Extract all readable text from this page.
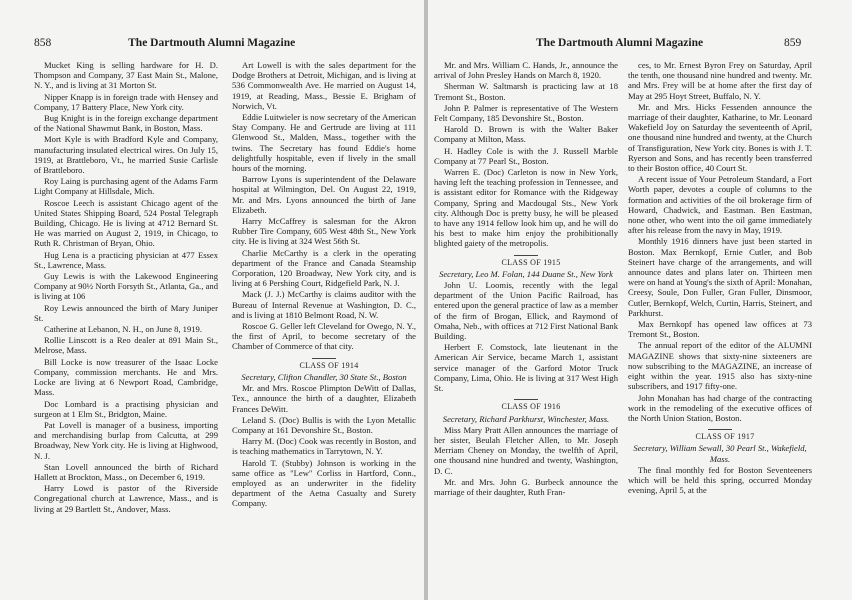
858	The Dartmouth Alumni Magazine

Mucket King is selling hardware for H. D. Thompson and Company, 37 East Main St., Malone, N. Y., and is living at 31 Morton St.

Nipper Knapp is in foreign trade with Hensey and Company, 17 Battery Place, New York city.

Bug Knight is in the foreign exchange department of the National Shawmut Bank, in Boston, Mass.

Mort Kyle is with Bradford Kyle and Company, manufacturing insulated electrical wires. On July 15, 1919, at Brattleboro, Vt., he married Susie Carlisle of Brattleboro.

Roy Laing is purchasing agent of the Adams Farm Light Company at Hillsdale, Mich.

Roscoe Leech is assistant Chicago agent of the United States Shipping Board, 524 Postal Telegraph Building, Chicago. He is living at 4712 Bernard St. He was married on August 2, 1919, in Chicago, to Ruth R. Christman of Bryan, Ohio.

Hug Lena is a practicing physician at 477 Essex St., Lawrence, Mass.

Guy Lewis is with the Lakewood Engineering Company at 90½ North Forsyth St., Atlanta, Ga., and is living at 106

Roy Lewis announced the birth of Mary Juniper St.

Catherine at Lebanon, N. H., on June 8, 1919.

Rollie Linscott is a Reo dealer at 891 Main St., Melrose, Mass.

Bill Locke is now treasurer of the Isaac Locke Company, commission merchants. He and Mrs. Locke are living at 6 Newport Road, Cambridge, Mass.

Doc Lombard is a practising physician and surgeon at 1 Elm St., Bridgton, Maine.

Pat Lovell is manager of a business, importing and merchandising burlap from Calcutta, at 299 Broadway, New York city. He is living at Highwood, N. J.

Stan Lovell announced the birth of Richard Hallett at Brockton, Mass., on December 6, 1919.

Harry Lowd is pastor of the Riverside Congregational church at Lawrence, Mass., and is living at 29 Bartlett St., Andover, Mass.

Art Lowell is with the sales department for the Dodge Brothers at Detroit, Michigan, and is living at 536 Commonwealth Ave. He married on August 14, 1919, at Reading, Mass., Bessie E. Brigham of Norwich, Vt.

Eddie Luitwieler is now secretary of the American Stay Company. He and Gertrude are living at 111 Glenwood St., Malden, Mass., together with the twins. The Secretary has found Eddie's home delightfully hospitable, even if lively in the small hours of the morning.

Barrow Lyons is superintendent of the Delaware hospital at Wilmington, Del. On August 22, 1919, Mr. and Mrs. Lyons announced the birth of Jane Elizabeth.

Harry McCaffrey is salesman for the Akron Rubber Tire Company, 605 West 48th St., New York city. He is living at 324 West 56th St.

Charlie McCarthy is a clerk in the operating department of the France and Canada Steamship Corporation, 120 Broadway, New York city, and is living at 6 Pershing Court, Ridgefield Park, N. J.

Mack (J. J.) McCarthy is claims auditor with the Bureau of Internal Revenue at Washington, D. C., and is living at 1810 Belmont Road, N. W.

Roscoe G. Geller left Cleveland for Owego, N. Y., the first of April, to become secretary of the Chamber of Commerce of that city.

CLASS OF 1914

Secretary, Clifton Chandler, 30 State St., Boston

Mr. and Mrs. Roscoe Plimpton DeWitt of Dallas, Tex., announce the birth of a daughter, Elizabeth Frances DeWitt.

Leland S. (Doc) Bullis is with the Lyon Metallic Company at 161 Devonshire St., Boston.

Harry M. (Doc) Cook was recently in Boston, and is teaching mathematics in Tarrytown, N. Y.

Harold T. (Stubby) Johnson is working in the same office as "Lew" Corliss in Hartford, Conn., employed as an underwriter in the fidelity department of the Aetna Casualty and Surety Company.

The Dartmouth Alumni Magazine	859

Mr. and Mrs. William C. Hands, Jr., announce the arrival of John Presley Hands on March 8, 1920.

Sherman W. Saltmarsh is practicing law at 18 Tremont St., Boston.

John P. Palmer is representative of The Western Felt Company, 185 Devonshire St., Boston.

Harold D. Brown is with the Walter Baker Company at Milton, Mass.

H. Hadley Cole is with the J. Russell Marble Company at 77 Pearl St., Boston.

Warren E. (Doc) Carleton is now in New York, having left the teaching profession in Tennessee, and is assistant editor for Romance with the Ridgeway Company, Spring and Macdougal Sts., New York city. Although Doc is pretty busy, he will be pleased to have any 1914 fellow look him up, and he will do his best to make him enjoy the prohibitionally blighted gaiety of the metropolis.

CLASS OF 1915

Secretary, Leo M. Folan, 144 Duane St., New York

John U. Loomis, recently with the legal department of the Union Pacific Railroad, has entered upon the general practice of law as a member of the firm of Brogan, Ellick, and Raymond of Omaha, Neb., with offices at 712 First National Bank Building.

Herbert F. Comstock, late lieutenant in the American Air Service, became March 1, assistant service manager of the Garford Motor Truck Company, Lima, Ohio. He is living at 317 West High St.

CLASS OF 1916

Secretary, Richard Parkhurst, Winchester, Mass.

Miss Mary Pratt Allen announces the marriage of her sister, Beulah Fletcher Allen, to Mr. Joseph Merriam Cheney on Monday, the twelfth of April, one thousand nine hundred and twenty, Washington, D. C.

Mr. and Mrs. John G. Burbeck announce the marriage of their daughter, Ruth Fran-

ces, to Mr. Ernest Byron Frey on Saturday, April the tenth, one thousand nine hundred and twenty. Mr. and Mrs. Frey will be at home after the first day of May at 295 Hoyt Street, Buffalo, N. Y.

Mr. and Mrs. Hicks Fessenden announce the marriage of their daughter, Katharine, to Mr. Leonard Wakefield Joy on Saturday the seventeenth of April, one thousand nine hundred and twenty, at the Church of Transfiguration, New York city. Bones is with J. T. Ryerson and Sons, and has recently been transferred to their Boston office, 40 Court St.

A recent issue of Your Petroleum Standard, a Fort Worth paper, devotes a couple of columns to the formation and activities of the oil brokerage firm of Howard, Chadwick, and Eastman. Ben Eastman, none other, who went into the oil game immediately after his release from the navy in May, 1919.

Monthly 1916 dinners have just been started in Boston. Max Bernkopf, Ernie Cutler, and Bob Steinert have charge of the arrangements, and will announce dates and plans later on. Thirteen men were on hand at Young's the sixth of April: Monahan, Creesy, Soule, Don Fuller, Gran Fuller, Dinsmoor, Cutler, Bernkopf, Welch, Curtin, Harris, Steinert, and Parkhurst.

Max Bernkopf has opened law offices at 73 Tremont St., Boston.

The annual report of the editor of the ALUMNI MAGAZINE shows that sixty-nine sixteeners are now subscribing to the MAGAZINE, an increase of eight within the year. 1915 also has sixty-nine subscribers, and 1917 fifty-one.

John Monahan has had charge of the contracting work in the remodeling of the executive offices of the North Union Station, Boston.

CLASS OF 1917

Secretary, William Sewall, 30 Pearl St., Wakefield, Mass.

The final monthly fed for Boston Seventeeners which will be held this spring, occurred Monday evening, April 5, at the
